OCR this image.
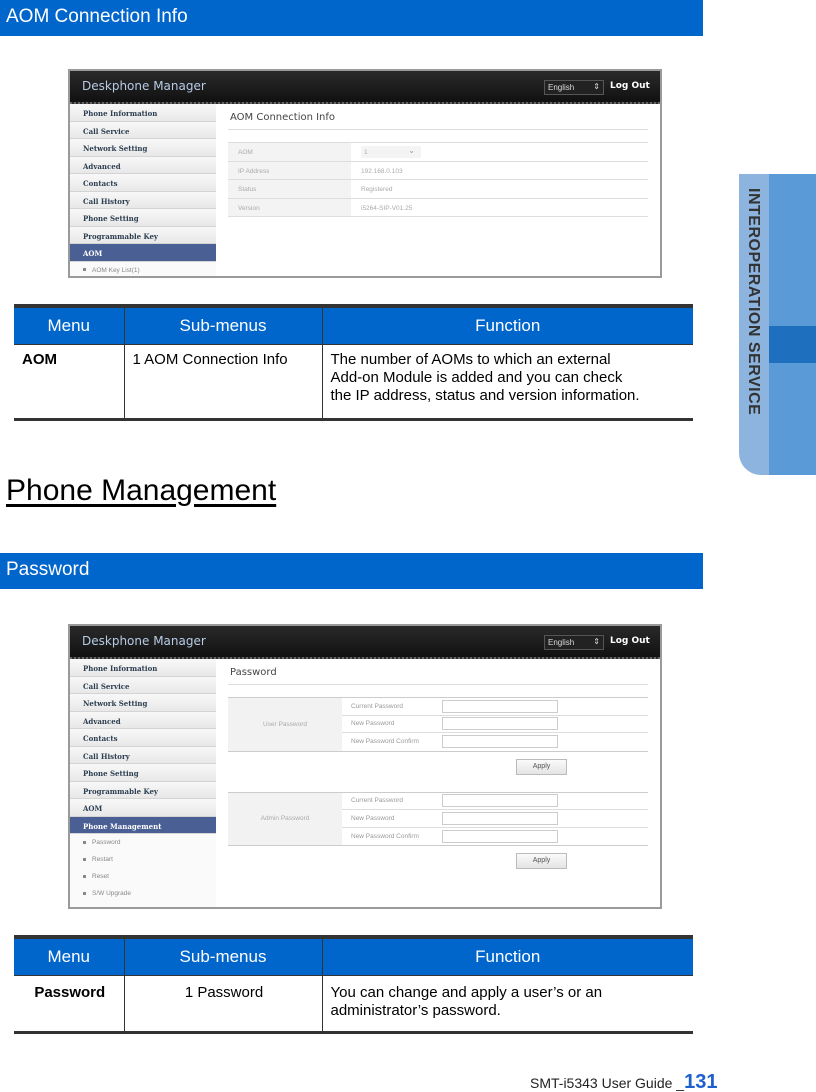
AOM Connection Info
Deskphone Manager	English ⇕ Log Out
Phone Information
Call Service
Network Setting
Advanced
Contacts
Call History
Phone Setting
Programmable Key
AOM
AOM Key List(1)
AOM Connection Info
AOM	1	⌄
IP Address	192.168.0.103
Status	Registered
Version	i5264-SIP-V01.25
Menu	Sub-menus	Function
AOM	1 AOM Connection Info	The number of AOMs to which an external
Add-on Module is added and you can check
the IP address, status and version information.
Phone Management
Password
Deskphone Manager	English ⇕ Log Out
Phone Information
Call Service
Network Setting
Advanced
Contacts
Call History
Phone Setting
Programmable Key
AOM
Phone Management
Password
Restart
Reset
S/W Upgrade
Password
User Password
Current Password
New Password
New Password Confirm
Apply
Admin Password
Current Password
New Password
New Password Confirm
Apply
Menu	Sub-menus	Function
Password	1 Password	You can change and apply a user’s or an
administrator’s password.
INTEROPERATION SERVICE
SMT-i5343 User Guide _131
